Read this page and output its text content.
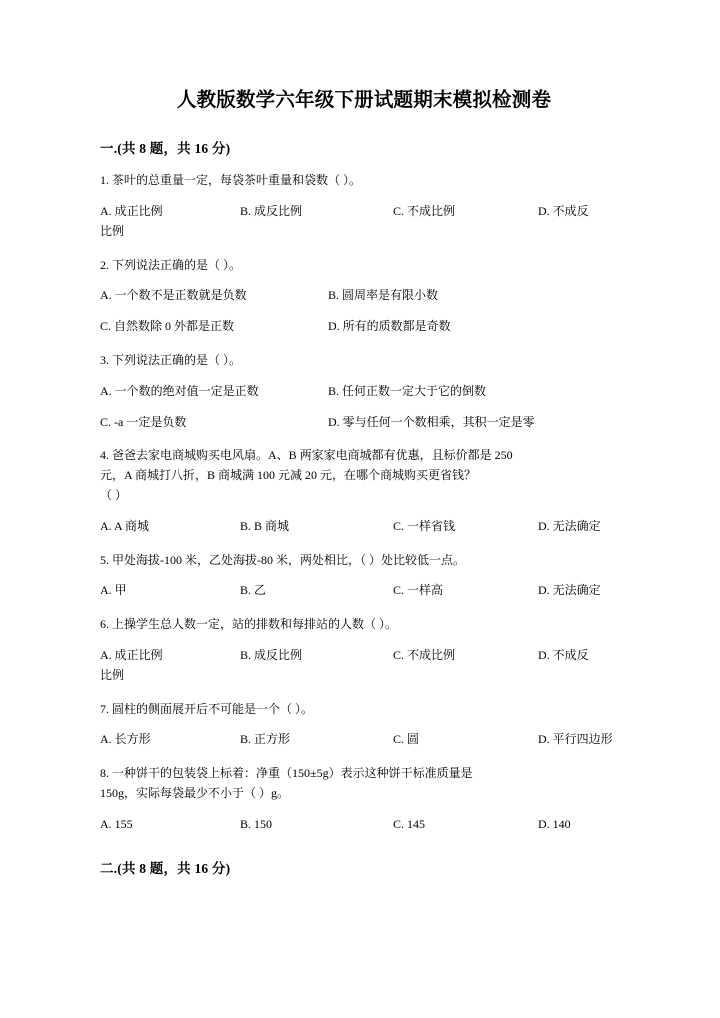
人教版数学六年级下册试题期末模拟检测卷
一.(共 8 题，共 16 分)

1. 茶叶的总重量一定，每袋茶叶重量和袋数（ ）。

A. 成正比例	B. 成反比例	C. 不成比例	D. 不成反
比例

2. 下列说法正确的是（ ）。

A. 一个数不是正数就是负数	B. 圆周率是有限小数
C. 自然数除 0 外都是正数	D. 所有的质数都是奇数

3. 下列说法正确的是（ ）。

A. 一个数的绝对值一定是正数	B. 任何正数一定大于它的倒数
C. -a 一定是负数	D. 零与任何一个数相乘，其积一定是零

4. 爸爸去家电商城购买电风扇。A、B 两家家电商城都有优惠，且标价都是 250

元，A 商城打八折，B 商城满 100 元减 20 元，在哪个商城购买更省钱？

（ ）

A. A 商城	B. B 商城	C. 一样省钱	D. 无法确定

5. 甲处海拔-100 米，乙处海拔-80 米，两处相比，（ ）处比较低一点。

A. 甲	B. 乙	C. 一样高	D. 无法确定

6. 上操学生总人数一定，站的排数和每排站的人数（ ）。

A. 成正比例	B. 成反比例	C. 不成比例	D. 不成反
比例

7. 圆柱的侧面展开后不可能是一个（ ）。

A. 长方形	B. 正方形	C. 圆	D. 平行四边形

8. 一种饼干的包装袋上标着：净重（150±5g）表示这种饼干标准质量是

150g，实际每袋最少不小于（ ）g。

A. 155	B. 150	C. 145	D. 140
二.(共 8 题，共 16 分)
